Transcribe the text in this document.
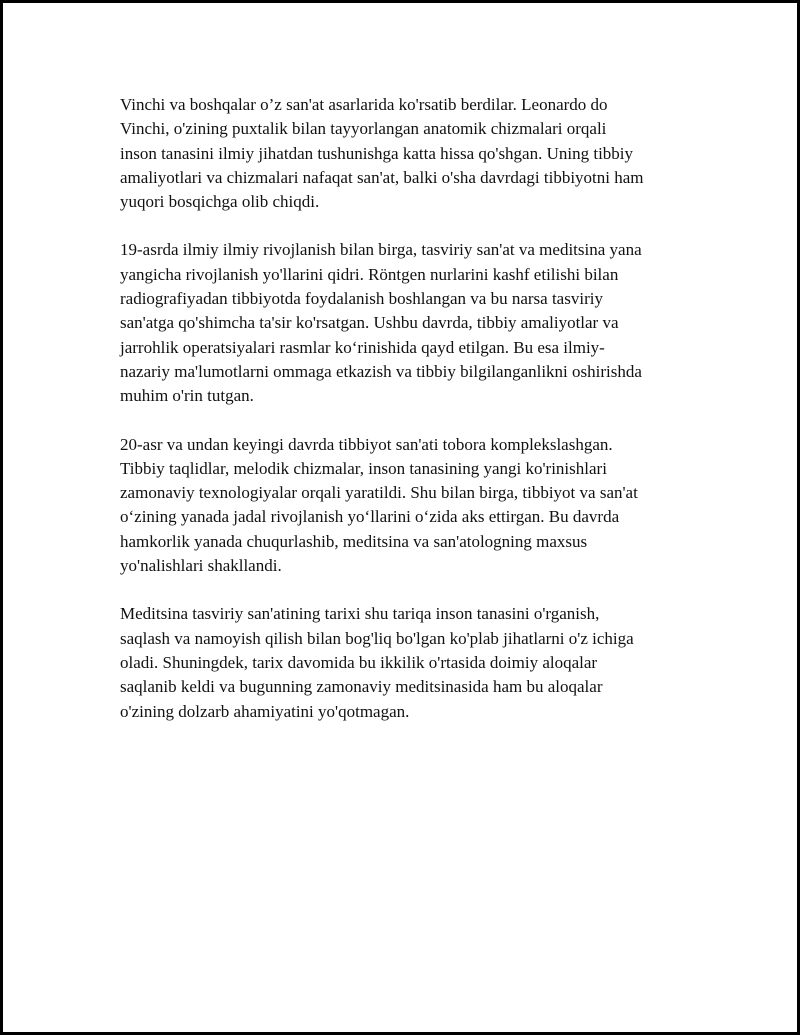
Vinchi va boshqalar o’z san'at asarlarida ko'rsatib berdilar. Leonardo do
Vinchi, o'zining puxtalik bilan tayyorlangan anatomik chizmalari orqali
inson tanasini ilmiy jihatdan tushunishga katta hissa qo'shgan. Uning tibbiy
amaliyotlari va chizmalari nafaqat san'at, balki o'sha davrdagi tibbiyotni ham
yuqori bosqichga olib chiqdi.

19-asrda ilmiy ilmiy rivojlanish bilan birga, tasviriy san'at va meditsina yana
yangicha rivojlanish yo'llarini qidri. Röntgen nurlarini kashf etilishi bilan
radiografiyadan tibbiyotda foydalanish boshlangan va bu narsa tasviriy
san'atga qo'shimcha ta'sir ko'rsatgan. Ushbu davrda, tibbiy amaliyotlar va
jarrohlik operatsiyalari rasmlar ko‘rinishida qayd etilgan. Bu esa ilmiy-
nazariy ma'lumotlarni ommaga etkazish va tibbiy bilgilanganlikni oshirishda
muhim o'rin tutgan.

20-asr va undan keyingi davrda tibbiyot san'ati tobora komplekslashgan.
Tibbiy taqlidlar, melodik chizmalar, inson tanasining yangi ko'rinishlari
zamonaviy texnologiyalar orqali yaratildi. Shu bilan birga, tibbiyot va san'at
o‘zining yanada jadal rivojlanish yo‘llarini o‘zida aks ettirgan. Bu davrda
hamkorlik yanada chuqurlashib, meditsina va san'atologning maxsus
yo'nalishlari shakllandi.

Meditsina tasviriy san'atining tarixi shu tariqa inson tanasini o'rganish,
saqlash va namoyish qilish bilan bog'liq bo'lgan ko'plab jihatlarni o'z ichiga
oladi. Shuningdek, tarix davomida bu ikkilik o'rtasida doimiy aloqalar
saqlanib keldi va bugunning zamonaviy meditsinasida ham bu aloqalar
o'zining dolzarb ahamiyatini yo'qotmagan.
